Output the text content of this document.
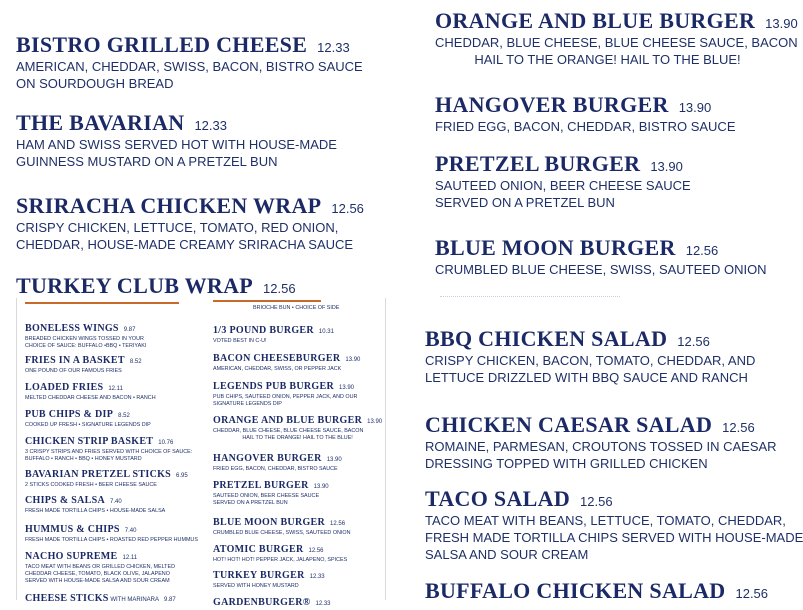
BISTRO GRILLED CHEESE 12.33
AMERICAN, CHEDDAR, SWISS, BACON, BISTRO SAUCE
ON SOURDOUGH BREAD
THE BAVARIAN 12.33
HAM AND SWISS SERVED HOT WITH HOUSE-MADE
GUINNESS MUSTARD ON A PRETZEL BUN
SRIRACHA CHICKEN WRAP 12.56
CRISPY CHICKEN, LETTUCE, TOMATO, RED ONION,
CHEDDAR, HOUSE-MADE CREAMY SRIRACHA SAUCE
TURKEY CLUB WRAP 12.56
ORANGE AND BLUE BURGER 13.90
CHEDDAR, BLUE CHEESE, BLUE CHEESE SAUCE, BACON
HAIL TO THE ORANGE! HAIL TO THE BLUE!
HANGOVER BURGER 13.90
FRIED EGG, BACON, CHEDDAR, BISTRO SAUCE
PRETZEL BURGER 13.90
SAUTEED ONION, BEER CHEESE SAUCE
SERVED ON A PRETZEL BUN
BLUE MOON BURGER 12.56
CRUMBLED BLUE CHEESE, SWISS, SAUTEED ONION
BBQ CHICKEN SALAD 12.56
CRISPY CHICKEN, BACON, TOMATO, CHEDDAR, AND
LETTUCE DRIZZLED WITH BBQ SAUCE AND RANCH
CHICKEN CAESAR SALAD 12.56
ROMAINE, PARMESAN, CROUTONS TOSSED IN CAESAR
DRESSING TOPPED WITH GRILLED CHICKEN
TACO SALAD 12.56
TACO MEAT WITH BEANS, LETTUCE, TOMATO, CHEDDAR,
FRESH MADE TORTILLA CHIPS SERVED WITH HOUSE-MADE
SALSA AND SOUR CREAM
BUFFALO CHICKEN SALAD 12.56
BRIOCHE BUN • CHOICE OF SIDE
BONELESS WINGS 9.87
BREADED CHICKEN WINGS TOSSED IN YOUR
CHOICE OF SAUCE: BUFFALO •BBQ • TERIYAKI
FRIES IN A BASKET 8.52
ONE POUND OF OUR FAMOUS FRIES
LOADED FRIES 12.11
MELTED CHEDDAR CHEESE AND BACON • RANCH
PUB CHIPS & DIP 8.52
COOKED UP FRESH • SIGNATURE LEGENDS DIP
CHICKEN STRIP BASKET 10.76
3 CRISPY STRIPS AND FRIES SERVED WITH CHOICE OF SAUCE:
BUFFALO • RANCH • BBQ • HONEY MUSTARD
BAVARIAN PRETZEL STICKS 6.95
2 STICKS COOKED FRESH • BEER CHEESE SAUCE
CHIPS & SALSA 7.40
FRESH MADE TORTILLA CHIPS • HOUSE-MADE SALSA
HUMMUS & CHIPS 7.40
FRESH MADE TORTILLA CHIPS • ROASTED RED PEPPER HUMMUS
NACHO SUPREME 12.11
TACO MEAT WITH BEANS OR GRILLED CHICKEN, MELTED
CHEDDAR CHEESE, TOMATO, BLACK OLIVE, JALAPENO
SERVED WITH HOUSE-MADE SALSA AND SOUR CREAM
CHEESE STICKS WITH MARINARA 9.87
1/3 POUND BURGER 10.31
VOTED BEST IN C-U!
BACON CHEESEBURGER 13.90
AMERICAN, CHEDDAR, SWISS, OR PEPPER JACK
LEGENDS PUB BURGER 13.90
PUB CHIPS, SAUTEED ONION, PEPPER JACK, AND OUR
SIGNATURE LEGENDS DIP
ORANGE AND BLUE BURGER 13.90
CHEDDAR, BLUE CHEESE, BLUE CHEESE SAUCE, BACON
HAIL TO THE ORANGE! HAIL TO THE BLUE!
HANGOVER BURGER 13.90
FRIED EGG, BACON, CHEDDAR, BISTRO SAUCE
PRETZEL BURGER 13.90
SAUTEED ONION, BEER CHEESE SAUCE
SERVED ON A PRETZEL BUN
BLUE MOON BURGER 12.56
CRUMBLED BLUE CHEESE, SWISS, SAUTEED ONION
ATOMIC BURGER 12.56
HOT! HOT! HOT! PEPPER JACK, JALAPENO, SPICES
TURKEY BURGER 12.33
SERVED WITH HONEY MUSTARD
GARDENBURGER® 12.33
